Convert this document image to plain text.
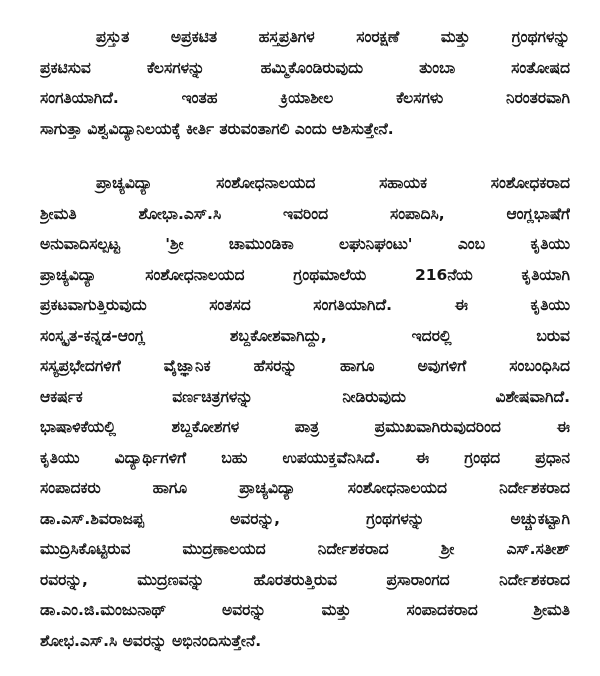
ಪ್ರಸ್ತುತ ಅಪ್ರಕಟಿತ ಹಸ್ತಪ್ರತಿಗಳ ಸಂರಕ್ಷಣೆ ಮತ್ತು ಗ್ರಂಥಗಳನ್ನು
ಪ್ರಕಟಿಸುವ ಕೆಲಸಗಳನ್ನು ಹಮ್ಮಿಕೊಂಡಿರುವುದು ತುಂಬಾ ಸಂತೋಷದ
ಸಂಗತಿಯಾಗಿದೆ. ಇಂತಹ ಕ್ರಿಯಾಶೀಲ ಕೆಲಸಗಳು ನಿರಂತರವಾಗಿ
ಸಾಗುತ್ತಾ ವಿಶ್ವವಿದ್ಯಾನಿಲಯಕ್ಕೆ ಕೀರ್ತಿ ತರುವಂತಾಗಲಿ ಎಂದು ಆಶಿಸುತ್ತೇನೆ.
ಪ್ರಾಚ್ಯವಿದ್ಯಾ ಸಂಶೋಧನಾಲಯದ ಸಹಾಯಕ ಸಂಶೋಧಕರಾದ
ಶ್ರೀಮತಿ ಶೋಭಾ.ಎಸ್.ಸಿ ಇವರಿಂದ ಸಂಪಾದಿಸಿ, ಆಂಗ್ಲಭಾಷೆಗೆ
ಅನುವಾದಿಸಲ್ಪಟ್ಟ 'ಶ್ರೀ ಚಾಮುಂಡಿಕಾ ಲಘುನಿಘಂಟು' ಎಂಬ ಕೃತಿಯು
ಪ್ರಾಚ್ಯವಿದ್ಯಾ ಸಂಶೋಧನಾಲಯದ ಗ್ರಂಥಮಾಲೆಯ 216ನೆಯ ಕೃತಿಯಾಗಿ
ಪ್ರಕಟವಾಗುತ್ತಿರುವುದು ಸಂತಸದ ಸಂಗತಿಯಾಗಿದೆ. ಈ ಕೃತಿಯು
ಸಂಸ್ಕೃತ-ಕನ್ನಡ-ಆಂಗ್ಲ ಶಬ್ದಕೋಶವಾಗಿದ್ದು, ಇದರಲ್ಲಿ ಬರುವ
ಸಸ್ಯಪ್ರಭೇದಗಳಿಗೆ ವೈಜ್ಞಾನಿಕ ಹೆಸರನ್ನು ಹಾಗೂ ಅವುಗಳಿಗೆ ಸಂಬಂಧಿಸಿದ
ಆಕರ್ಷಕ ವರ್ಣಚಿತ್ರಗಳನ್ನು ನೀಡಿರುವುದು ವಿಶೇಷವಾಗಿದೆ.
ಭಾಷಾಳಿಕೆಯಲ್ಲಿ ಶಬ್ದಕೋಶಗಳ ಪಾತ್ರ ಪ್ರಮುಖವಾಗಿರುವುದರಿಂದ ಈ
ಕೃತಿಯು ವಿದ್ಯಾರ್ಥಿಗಳಿಗೆ ಬಹು ಉಪಯುಕ್ತವೆನಿಸಿದೆ. ಈ ಗ್ರಂಥದ ಪ್ರಧಾನ
ಸಂಪಾದಕರು ಹಾಗೂ ಪ್ರಾಚ್ಯವಿದ್ಯಾ ಸಂಶೋಧನಾಲಯದ ನಿರ್ದೇಶಕರಾದ
ಡಾ.ಎಸ್.ಶಿವರಾಜಪ್ಪ ಅವರನ್ನು, ಗ್ರಂಥಗಳನ್ನು ಅಚ್ಚುಕಟ್ಟಾಗಿ
ಮುದ್ರಿಸಿಕೊಟ್ಟಿರುವ ಮುದ್ರಣಾಲಯದ ನಿರ್ದೇಶಕರಾದ ಶ್ರೀ ಎಸ್.ಸತೀಶ್
ರವರನ್ನು, ಮುದ್ರಣವನ್ನು ಹೊರತರುತ್ತಿರುವ ಪ್ರಸಾರಾಂಗದ ನಿರ್ದೇಶಕರಾದ
ಡಾ.ಎಂ.ಜಿ.ಮಂಜುನಾಥ್ ಅವರನ್ನು ಮತ್ತು ಸಂಪಾದಕರಾದ ಶ್ರೀಮತಿ
ಶೋಭ.ಎಸ್.ಸಿ ಅವರನ್ನು ಅಭಿನಂದಿಸುತ್ತೇನೆ.
